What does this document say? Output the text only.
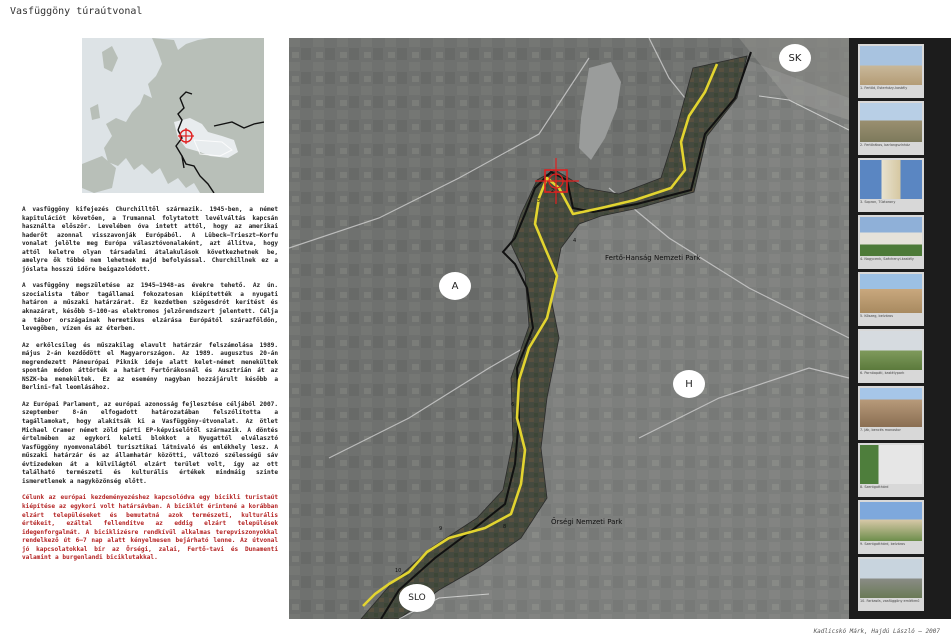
Vasfüggöny túraútvonal

A vasfüggöny kifejezés Churchilltől származik. 1945-ben, a német kapitulációt követően, a Trumannal folytatott levélváltás kapcsán használta először. Levelében óva intett attól, hogy az amerikai haderőt azonnal visszavonják Európából. A Lübeck–Trieszt–Korfu vonalat jelölte meg Európa választóvonalaként, azt állítva, hogy attól keletre olyan társadalmi átalakulások következhetnek be, amelyre ők többé nem lehetnek majd befolyással. Churchillnek ez a jóslata hosszú időre beigazolódott.

A vasfüggöny megszületése az 1945–1948-as évekre tehető. Az ún. szocialista tábor tagállamai fokozatosan kiépítették a nyugati határon a műszaki határzárat. Ez kezdetben szögesdrót kerítést és aknazárat, később S-100-as elektromos jelzőrendszert jelentett. Célja a tábor országainak hermetikus elzárása Európától szárazföldön, levegőben, vízen és az éterben.

Az erkölcsileg és műszakilag elavult határzár felszámolása 1989. május 2-án kezdődött el Magyarországon. Az 1989. augusztus 20-án megrendezett Páneurópai Piknik ideje alatt kelet-német menekültek spontán módon áttörték a határt Fertőrákosnál és Ausztrián át az NSZK-ba menekültek. Ez az esemény nagyban hozzájárult később a Berlini-fal leomlásához.

Az Európai Parlament, az európai azonosság fejlesztése céljából 2007. szeptember 8-án elfogadott határozatában felszólította a tagállamokat, hogy alakítsák ki a Vasfüggöny-útvonalat. Az ötlet Michael Cramer német zöld párti EP-képviselőtől származik. A döntés értelmében az egykori keleti blokkot a Nyugattól elválasztó Vasfüggöny nyomvonalából turisztikai látnivaló és emlékhely lesz. A műszaki határzár és az államhatár közötti, változó szélességű sáv évtizedeken át a külvilágtól elzárt terület volt, így az ott található természeti és kulturális értékek mindmáig szinte ismeretlenek a nagyközönség előtt.

Célunk az európai kezdeményezéshez kapcsolódva egy bicikli turistaút kiépítése az egykori volt határsávban. A biciklút érintené a korábban elzárt településeket és bemutatná azok természeti, kulturális értékeit, ezáltal fellendítve az eddig elzárt települések idegenforgalmát. A biciklizésre rendkívül alkalmas terepviszonyokkal rendelkező út 6–7 nap alatt kényelmesen bejárható lenne. Az útvonal jó kapcsolatokkal bír az Őrségi, zalai, Fertő-tavi és Dunamenti valamint a burgenlandi biciklutakkal.

SK
A
H
SLO
Fertő-Hanság Nemzeti Park
Őrségi Nemzeti Park
2
3
4
5
6
8
9
10
1. Fertőd, Esterházy-kastély
2. Fertőrákos, barlangszínház
3. Sopron, Tűztorony
4. Nagycenk, Széchenyi-kastély
5. Kőszeg, belváros
6. Pornóapáti, kastélypark
7. Ják, bencés monostor
8. Szentgotthárd
9. Szentgotthárd, belváros
10. Farkasfa, vasfüggöny emlékmű
Kadlicskó Márk, Hajdú László – 2007
